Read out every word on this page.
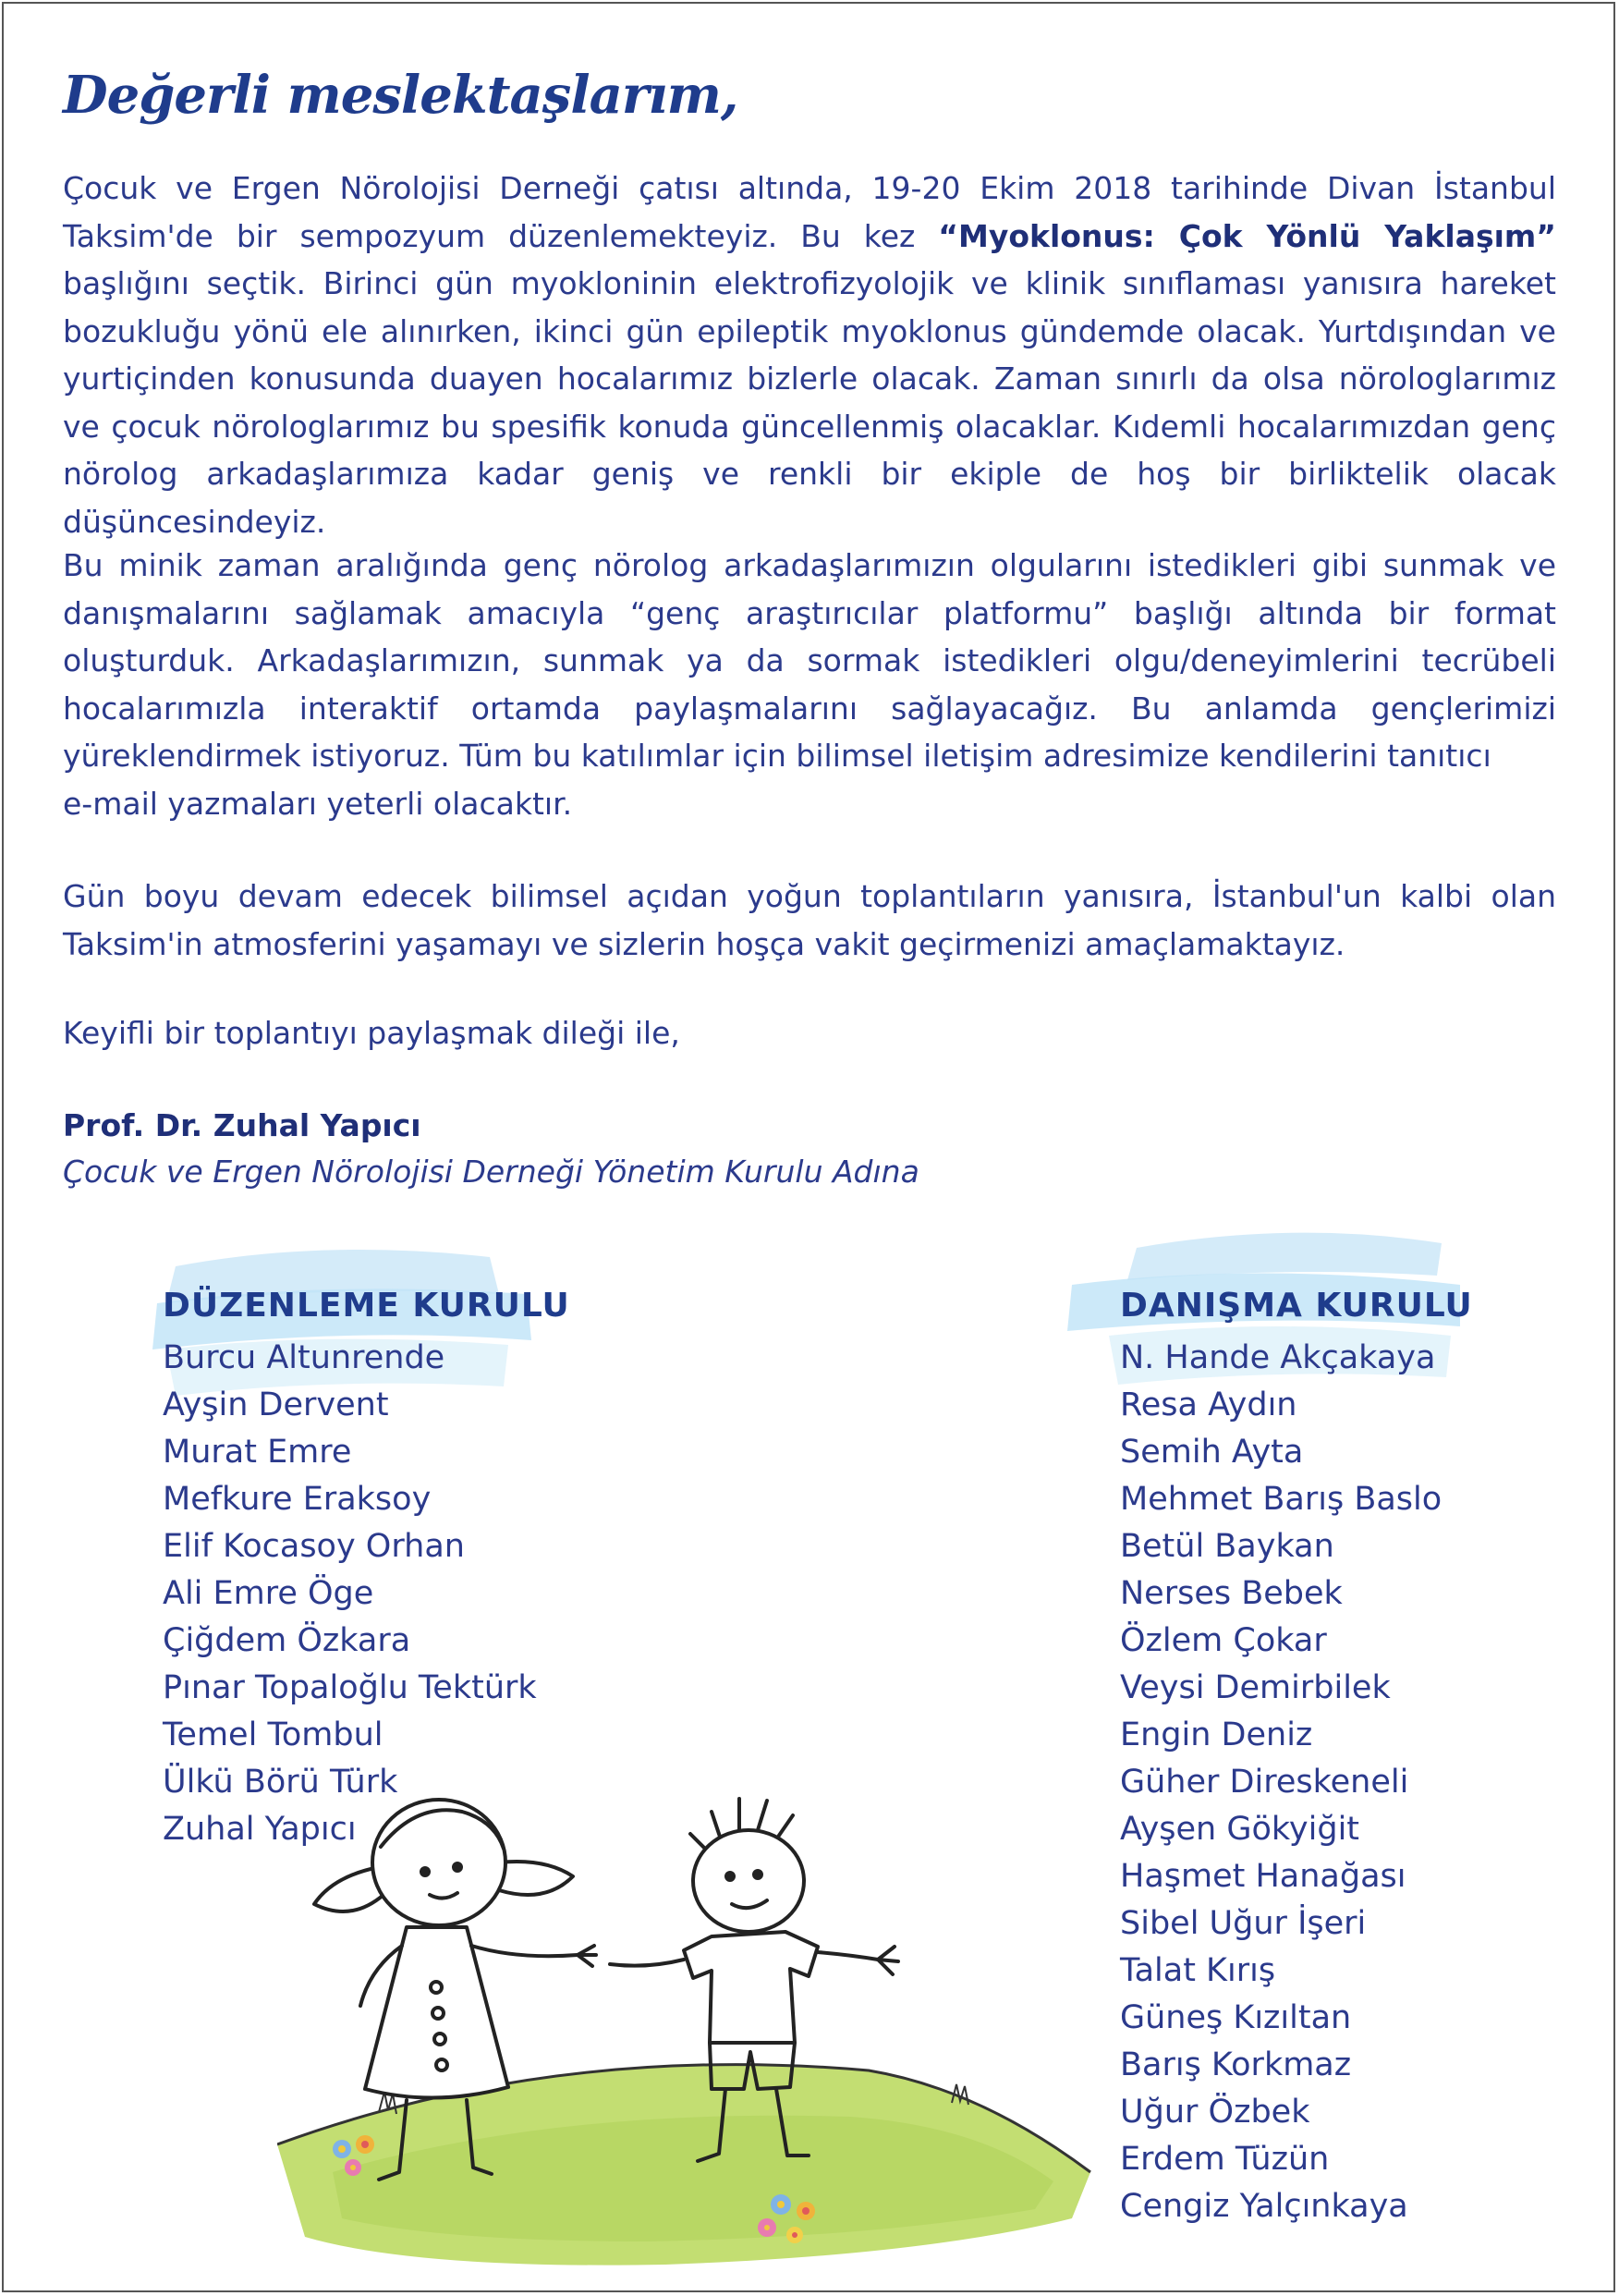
Değerli meslektaşlarım,

Çocuk ve Ergen Nörolojisi Derneği çatısı altında, 19-20 Ekim 2018 tarihinde Divan İstanbul Taksim'de bir sempozyum düzenlemekteyiz. Bu kez “Myoklonus: Çok Yönlü Yaklaşım” başlığını seçtik. Birinci gün myokloninin elektrofizyolojik ve klinik sınıflaması yanısıra hareket bozukluğu yönü ele alınırken, ikinci gün epileptik myoklonus gündemde olacak. Yurtdışından ve yurtiçinden konusunda duayen hocalarımız bizlerle olacak. Zaman sınırlı da olsa nörologlarımız ve çocuk nörologlarımız bu spesifik konuda güncellenmiş olacaklar. Kıdemli hocalarımızdan genç nörolog arkadaşlarımıza kadar geniş ve renkli bir ekiple de hoş bir birliktelik olacak düşüncesindeyiz.

Bu minik zaman aralığında genç nörolog arkadaşlarımızın olgularını istedikleri gibi sunmak ve danışmalarını sağlamak amacıyla “genç araştırıcılar platformu” başlığı altında bir format oluşturduk. Arkadaşlarımızın, sunmak ya da sormak istedikleri olgu/deneyimlerini tecrübeli hocalarımızla interaktif ortamda paylaşmalarını sağlayacağız. Bu anlamda gençlerimizi yüreklendirmek istiyoruz. Tüm bu katılımlar için bilimsel iletişim adresimize kendilerini tanıtıcı
e-mail yazmaları yeterli olacaktır.

Gün boyu devam edecek bilimsel açıdan yoğun toplantıların yanısıra, İstanbul'un kalbi olan Taksim'in atmosferini yaşamayı ve sizlerin hoşça vakit geçirmenizi amaçlamaktayız.

Keyifli bir toplantıyı paylaşmak dileği ile,

Prof. Dr. Zuhal Yapıcı

Çocuk ve Ergen Nörolojisi Derneği Yönetim Kurulu Adına

DÜZENLEME KURULU
Burcu Altunrende
Ayşin Dervent
Murat Emre
Mefkure Eraksoy
Elif Kocasoy Orhan
Ali Emre Öge
Çiğdem Özkara
Pınar Topaloğlu Tektürk
Temel Tombul
Ülkü Börü Türk
Zuhal Yapıcı
DANIŞMA KURULU
N. Hande Akçakaya
Resa Aydın
Semih Ayta
Mehmet Barış Baslo
Betül Baykan
Nerses Bebek
Özlem Çokar
Veysi Demirbilek
Engin Deniz
Güher Direskeneli
Ayşen Gökyiğit
Haşmet Hanağası
Sibel Uğur İşeri
Talat Kırış
Güneş Kızıltan
Barış Korkmaz
Uğur Özbek
Erdem Tüzün
Cengiz Yalçınkaya
